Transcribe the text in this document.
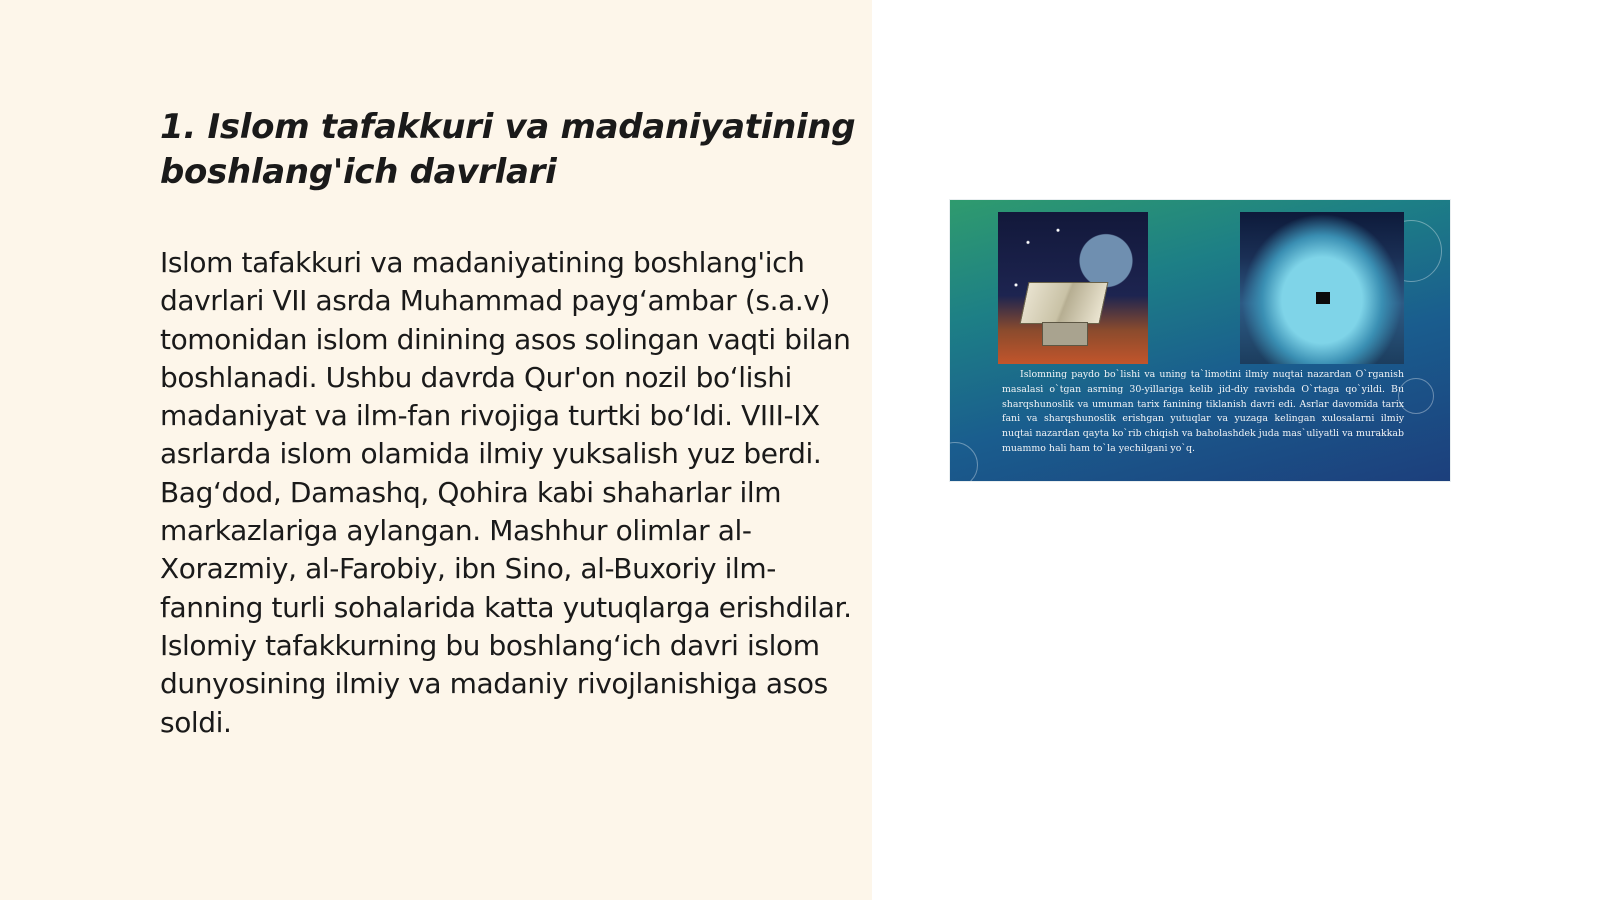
1. Islom tafakkuri va madaniyatining boshlang'ich davrlari

Islom tafakkuri va madaniyatining boshlang'ich davrlari VII asrda Muhammad payg‘ambar (s.a.v) tomonidan islom dinining asos solingan vaqti bilan boshlanadi. Ushbu davrda Qur'on nozil bo‘lishi madaniyat va ilm-fan rivojiga turtki bo‘ldi. VIII-IX asrlarda islom olamida ilmiy yuksalish yuz berdi. Bag‘dod, Damashq, Qohira kabi shaharlar ilm markazlariga aylangan. Mashhur olimlar al-Xorazmiy, al-Farobiy, ibn Sino, al-Buxoriy ilm-fanning turli sohalarida katta yutuqlarga erishdilar. Islomiy tafakkurning bu boshlang‘ich davri islom dunyosining ilmiy va madaniy rivojlanishiga asos soldi.

Islomning paydo bo`lishi va uning ta`limotini ilmiy nuqtai nazardan O`rganish masalasi o`tgan asrning 30-yillariga kelib jid-diy ravishda O`rtaga qo`yildi. Bu sharqshunoslik va umuman tarix fanining tiklanish davri edi. Asrlar davomida tarix fani va sharqshunoslik erishgan yutuqlar va yuzaga kelingan xulosalarni ilmiy nuqtai nazardan qayta ko`rib chiqish va baholashdek juda mas`uliyatli va murakkab muammo hali ham to`la yechilgani yo`q.
